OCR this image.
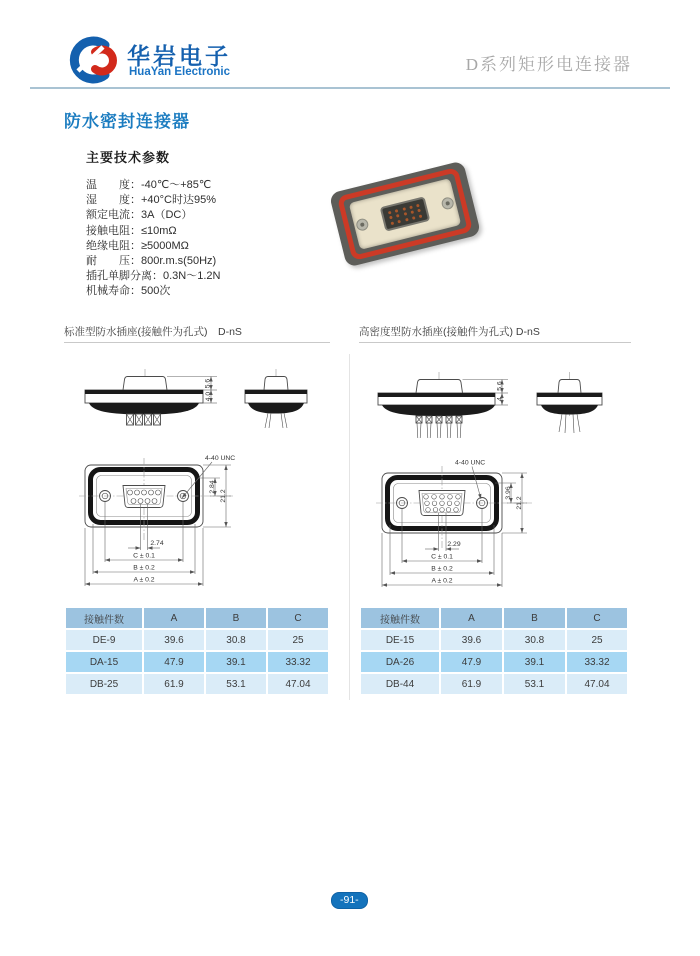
华岩电子
HuaYan Electronic	D系列矩形电连接器
防水密封连接器
主要技术参数
温　　度：-40℃～+85℃
湿　　度：+40°C时达95%
额定电流：3A（DC）
接触电阻：≤10mΩ
绝缘电阻：≥5000MΩ
耐　　压：800r.m.s(50Hz)
插孔单脚分离：0.3N～1.2N
机械寿命：500次
标准型防水插座(接触件为孔式)　D-nS	高密度型防水插座(接触件为孔式) D-nS
5.6
4.0
4-40 UNC
2.84
21.2
2.74
C ± 0.1
B ± 0.2
A ± 0.2
5.6
4
4-40 UNC
3.96
21.2
2.29
C ± 0.1
B ± 0.2
A ± 0.2
接触件数	A	B	C
DE-9	39.6	30.8	25
DA-15	47.9	39.1	33.32
DB-25	61.9	53.1	47.04
接触件数	A	B	C
DE-15	39.6	30.8	25
DA-26	47.9	39.1	33.32
DB-44	61.9	53.1	47.04
-91-
